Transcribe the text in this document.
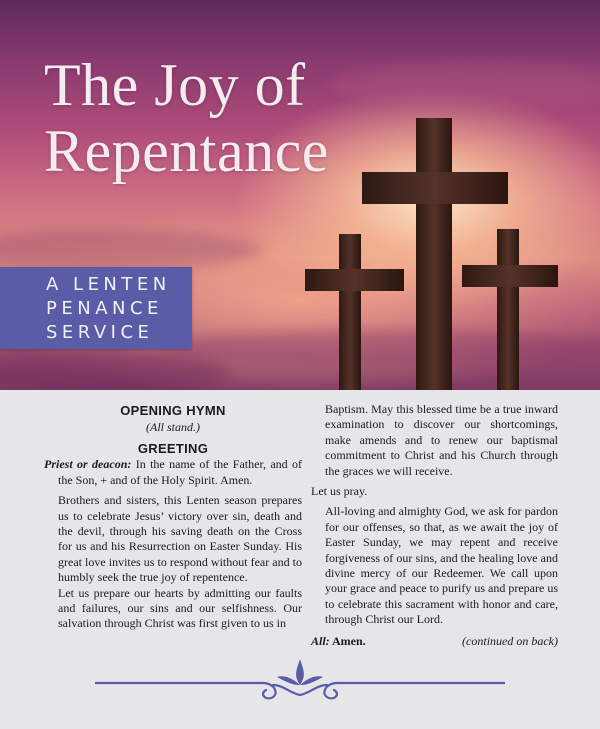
The Joy of
Repentance
A LENTEN
PENANCE
SERVICE
OPENING HYMN

(All stand.)

GREETING

Priest or deacon: In the name of the Father, and of the Son, + and of the Holy Spirit. Amen.

Brothers and sisters, this Lenten season prepares us to celebrate Jesus’ victory over sin, death and the devil, through his saving death on the Cross for us and his Resurrection on Easter Sunday. His great love invites us to respond without fear and to humbly seek the true joy of repentence.

Let us prepare our hearts by admitting our faults and failures, our sins and our selfishness. Our salvation through Christ was first given to us in

Baptism. May this blessed time be a true inward examination to discover our shortcomings, make amends and to renew our baptismal commitment to Christ and his Church through the graces we will receive.

Let us pray.

All-loving and almighty God, we ask for pardon for our offenses, so that, as we await the joy of Easter Sunday, we may repent and receive forgiveness of our sins, and the healing love and divine mercy of our Redeemer. We call upon your grace and peace to purify us and prepare us to celebrate this sacrament with honor and care, through Christ our Lord.

All: Amen.	(continued on back)
